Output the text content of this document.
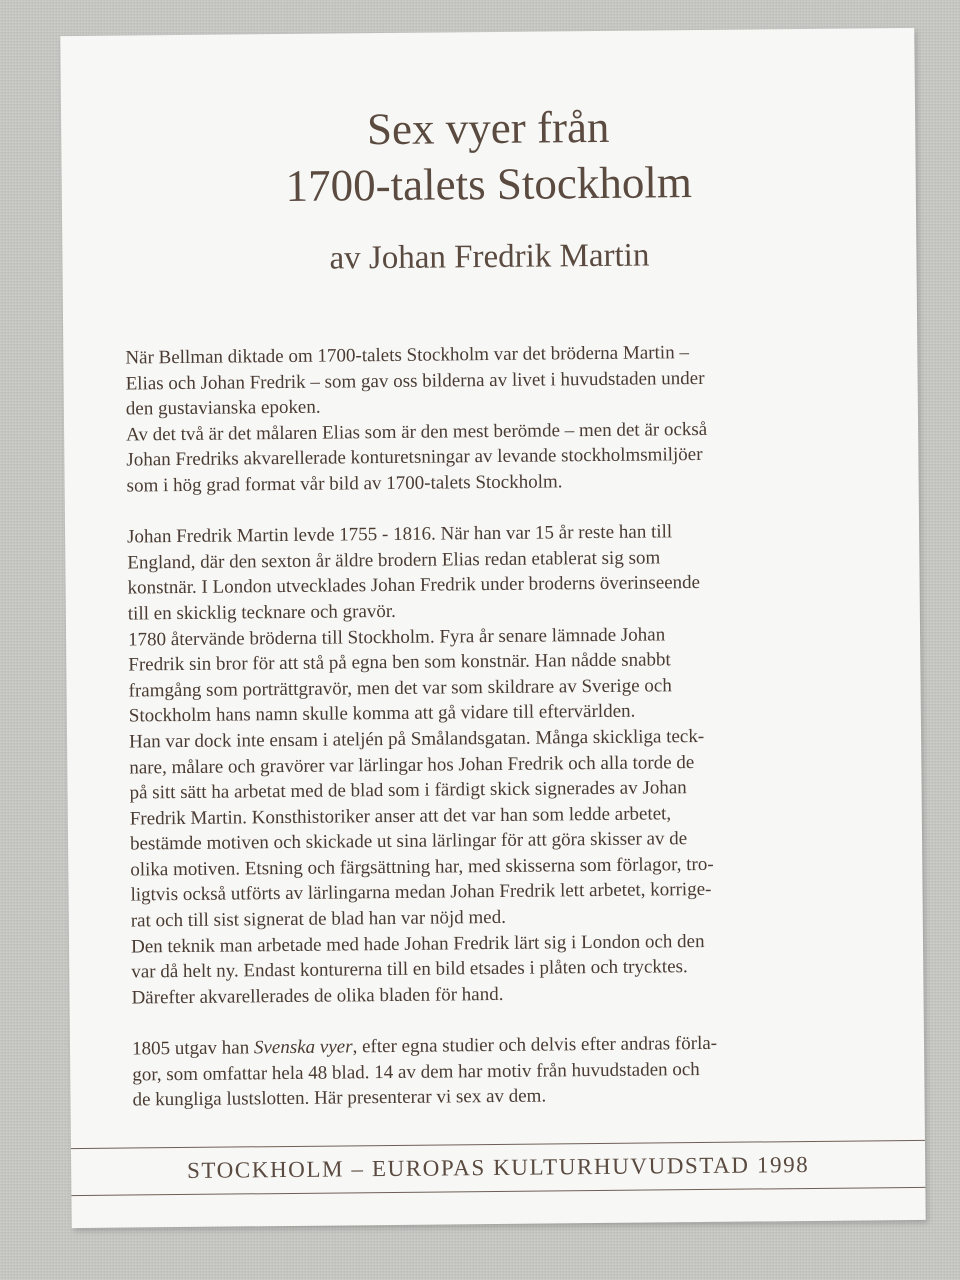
Sex vyer från
1700-talets Stockholm
av Johan Fredrik Martin

När Bellman diktade om 1700-talets Stockholm var det bröderna Martin –
Elias och Johan Fredrik – som gav oss bilderna av livet i huvudstaden under
den gustavianska epoken.
Av det två är det målaren Elias som är den mest berömde – men det är också
Johan Fredriks akvarellerade konturetsningar av levande stockholmsmiljöer
som i hög grad format vår bild av 1700-talets Stockholm.

Johan Fredrik Martin levde 1755 - 1816. När han var 15 år reste han till
England, där den sexton år äldre brodern Elias redan etablerat sig som
konstnär. I London utvecklades Johan Fredrik under broderns överinseende
till en skicklig tecknare och gravör.
1780 återvände bröderna till Stockholm. Fyra år senare lämnade Johan
Fredrik sin bror för att stå på egna ben som konstnär. Han nådde snabbt
framgång som porträttgravör, men det var som skildrare av Sverige och
Stockholm hans namn skulle komma att gå vidare till eftervärlden.
Han var dock inte ensam i ateljén på Smålandsgatan. Många skickliga teck-
nare, målare och gravörer var lärlingar hos Johan Fredrik och alla torde de
på sitt sätt ha arbetat med de blad som i färdigt skick signerades av Johan
Fredrik Martin. Konsthistoriker anser att det var han som ledde arbetet,
bestämde motiven och skickade ut sina lärlingar för att göra skisser av de
olika motiven. Etsning och färgsättning har, med skisserna som förlagor, tro-
ligtvis också utförts av lärlingarna medan Johan Fredrik lett arbetet, korrige-
rat och till sist signerat de blad han var nöjd med.
Den teknik man arbetade med hade Johan Fredrik lärt sig i London och den
var då helt ny. Endast konturerna till en bild etsades i plåten och trycktes.
Därefter akvarellerades de olika bladen för hand.

1805 utgav han Svenska vyer, efter egna studier och delvis efter andras förla-
gor, som omfattar hela 48 blad. 14 av dem har motiv från huvudstaden och
de kungliga lustslotten. Här presenterar vi sex av dem.

STOCKHOLM – EUROPAS KULTURHUVUDSTAD 1998
